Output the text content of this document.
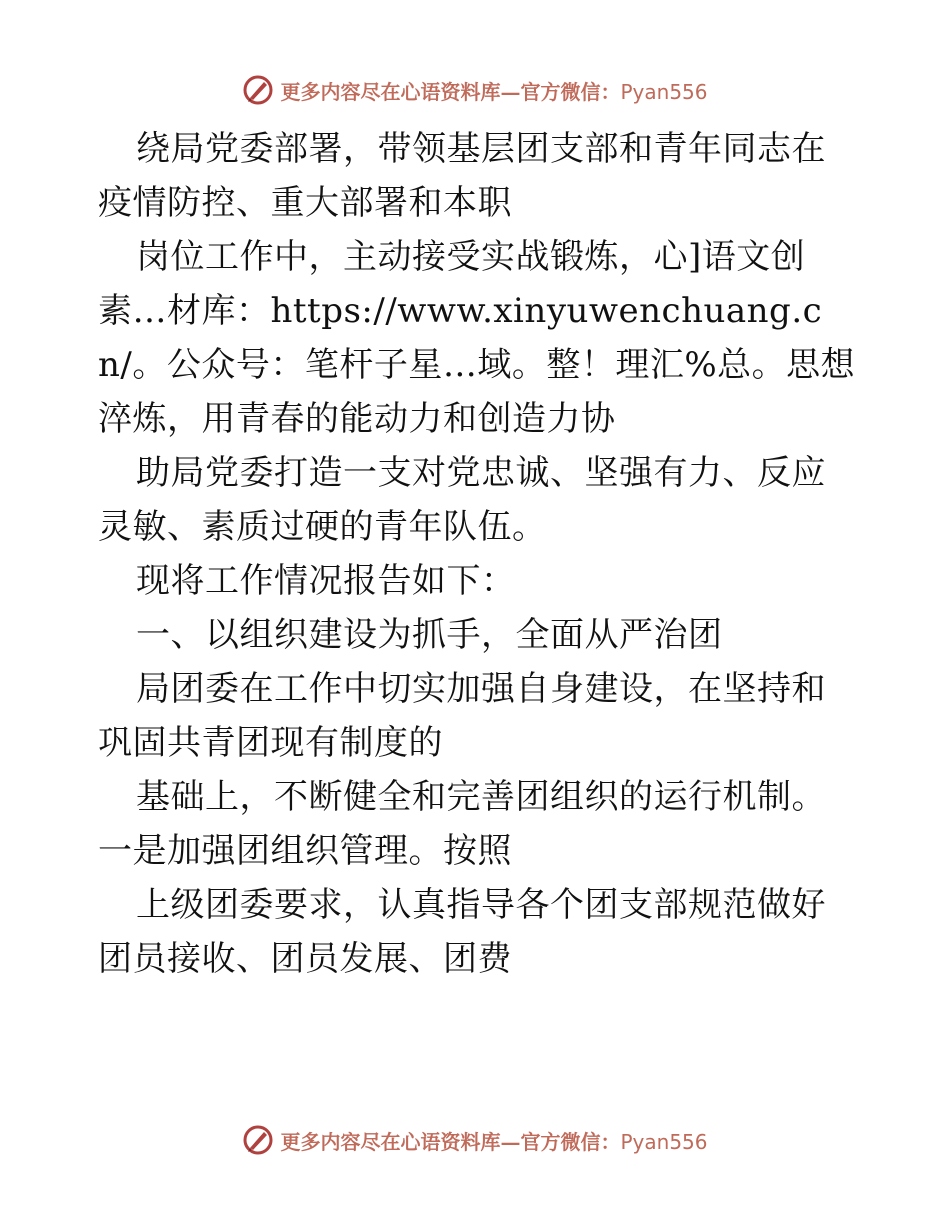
更多内容尽在心语资料库—官方微信：Pyan556

绕局党委部署，带领基层团支部和青年同志在疫情防控、重大部署和本职

岗位工作中，主动接受实战锻炼，心]语文创素…材库：https://www.xinyuwenchuang.cn/。公众号：笔杆子星…域。整！理汇%总。思想淬炼，用青春的能动力和创造力协

助局党委打造一支对党忠诚、坚强有力、反应灵敏、素质过硬的青年队伍。

现将工作情况报告如下：

一、以组织建设为抓手，全面从严治团

局团委在工作中切实加强自身建设，在坚持和巩固共青团现有制度的

基础上，不断健全和完善团组织的运行机制。一是加强团组织管理。按照

上级团委要求，认真指导各个团支部规范做好团员接收、团员发展、团费

更多内容尽在心语资料库—官方微信：Pyan556
